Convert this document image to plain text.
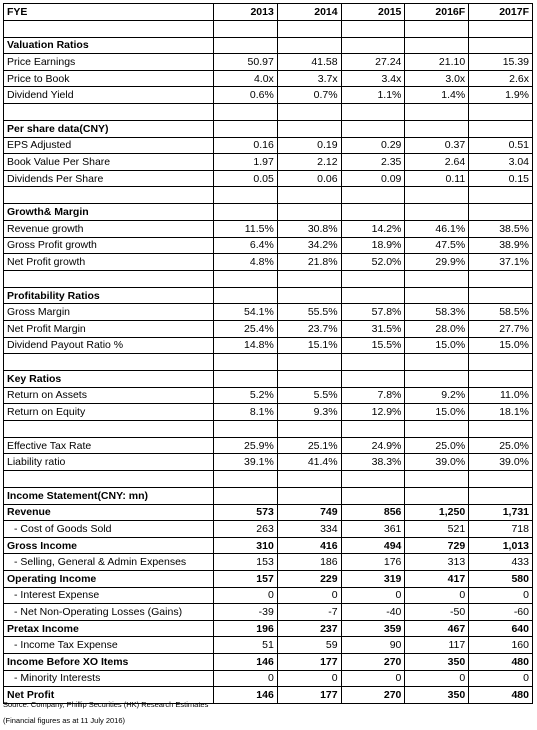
FYE	2013	2014	2015	2016F	2017F

Valuation Ratios					
Price Earnings	50.97	41.58	27.24	21.10	15.39
Price to Book	4.0x	3.7x	3.4x	3.0x	2.6x
Dividend Yield	0.6%	0.7%	1.1%	1.4%	1.9%

Per share data(CNY)					
EPS Adjusted	0.16	0.19	0.29	0.37	0.51
Book Value Per Share	1.97	2.12	2.35	2.64	3.04
Dividends Per Share	0.05	0.06	0.09	0.11	0.15

Growth& Margin					
Revenue growth	11.5%	30.8%	14.2%	46.1%	38.5%
Gross Profit growth	6.4%	34.2%	18.9%	47.5%	38.9%
Net Profit growth	4.8%	21.8%	52.0%	29.9%	37.1%

Profitability Ratios					
Gross Margin	54.1%	55.5%	57.8%	58.3%	58.5%
Net Profit Margin	25.4%	23.7%	31.5%	28.0%	27.7%
Dividend Payout Ratio %	14.8%	15.1%	15.5%	15.0%	15.0%

Key Ratios					
Return on Assets	5.2%	5.5%	7.8%	9.2%	11.0%
Return on Equity	8.1%	9.3%	12.9%	15.0%	18.1%

Effective Tax Rate	25.9%	25.1%	24.9%	25.0%	25.0%
Liability ratio	39.1%	41.4%	38.3%	39.0%	39.0%

Income Statement(CNY: mn)					
Revenue	573	749	856	1,250	1,731
- Cost of Goods Sold	263	334	361	521	718
Gross Income	310	416	494	729	1,013
- Selling, General & Admin Expenses	153	186	176	313	433
Operating Income	157	229	319	417	580
- Interest Expense	0	0	0	0	0
- Net Non-Operating Losses (Gains)	-39	-7	-40	-50	-60
Pretax Income	196	237	359	467	640
- Income Tax Expense	51	59	90	117	160
Income Before XO Items	146	177	270	350	480
- Minority Interests	0	0	0	0	0
Net Profit	146	177	270	350	480
Source: Company, Phillip Securities (HK) Research Estimates
(Financial figures as at 11 July 2016)
